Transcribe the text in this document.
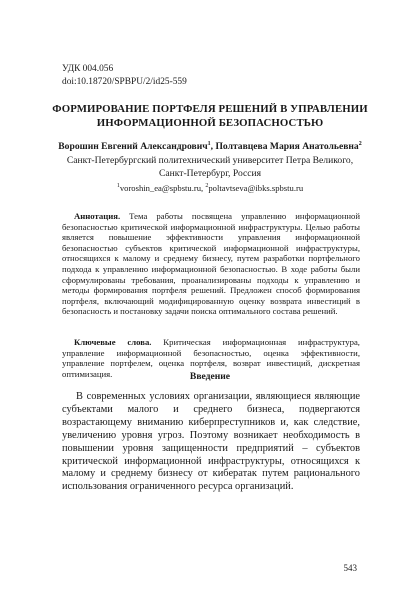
УДК 004.056
doi:10.18720/SPBPU/2/id25-559
ФОРМИРОВАНИЕ ПОРТФЕЛЯ РЕШЕНИЙ В УПРАВЛЕНИИ ИНФОРМАЦИОННОЙ БЕЗОПАСНОСТЬЮ
Ворошин Евгений Александрович$^1$, Полтавцева Мария Анатольевна$^2$
Санкт-Петербургский политехнический университет Петра Великого,
Санкт-Петербург, Россия
$^1$voroshin_ea@spbstu.ru, $^2$poltavtseva@ibks.spbstu.ru

Аннотация. Тема работы посвящена управлению информационной безопасностью критической информационной инфраструктуры. Целью работы является повышение эффективности управления информационной безопасностью субъектов критической информационной инфраструктуры, относящихся к малому и среднему бизнесу, путем разработки портфельного подхода к управлению информационной безопасностью. В ходе работы были сформулированы требования, проанализированы подходы к управлению и методы формирования портфеля решений. Предложен способ формирования портфеля, включающий модифицированную оценку возврата инвестиций в безопасность и постановку задачи поиска оптимального состава решений.

Ключевые слова. Критическая информационная инфраструктура, управление информационной безопасностью, оценка эффективности, управление портфелем, оценка портфеля, возврат инвестиций, дискретная оптимизация.	Введение

В современных условиях организации, являющиеся являющие субъектами малого и среднего бизнеса, подвергаются возрастающему вниманию киберпреступников и, как следствие, увеличению уровня угроз. Поэтому возникает необходимость в повышении уровня защищенности предприятий – субъектов критической информационной инфраструктуры, относящихся к малому и среднему бизнесу от кибератак путем рационального использования ограниченного ресурса организаций.

543
